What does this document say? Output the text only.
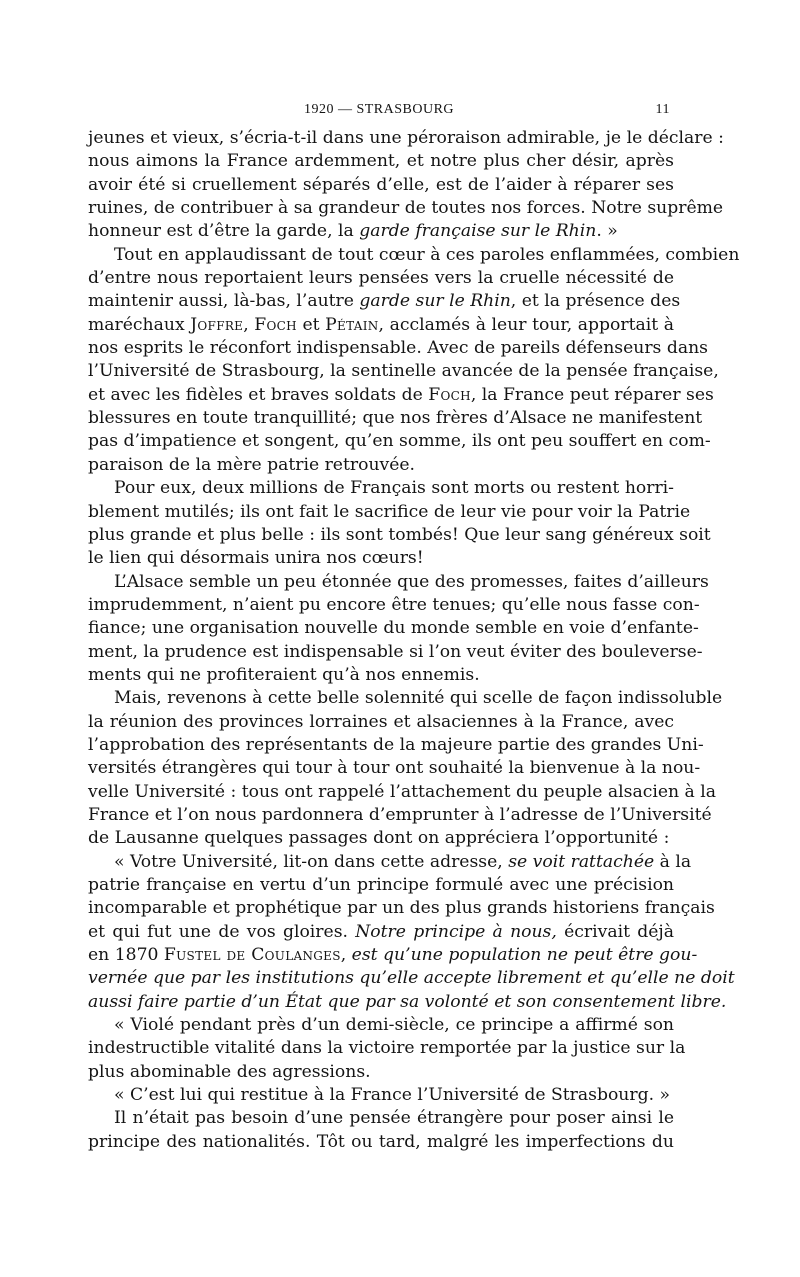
1920 — STRASBOURG	11
jeunes et vieux, s’écria-t-il dans une péroraison admirable, je le déclare :
nous aimons la France ardemment, et notre plus cher désir, après
avoir été si cruellement séparés d’elle, est de l’aider à réparer ses
ruines, de contribuer à sa grandeur de toutes nos forces. Notre suprême
honneur est d’être la garde, la garde française sur le Rhin. »
Tout en applaudissant de tout cœur à ces paroles enflammées, combien
d’entre nous reportaient leurs pensées vers la cruelle nécessité de
maintenir aussi, là-bas, l’autre garde sur le Rhin, et la présence des
maréchaux Joffre, Foch et Pétain, acclamés à leur tour, apportait à
nos esprits le réconfort indispensable. Avec de pareils défenseurs dans
l’Université de Strasbourg, la sentinelle avancée de la pensée française,
et avec les fidèles et braves soldats de Foch, la France peut réparer ses
blessures en toute tranquillité; que nos frères d’Alsace ne manifestent
pas d’impatience et songent, qu’en somme, ils ont peu souffert en com-
paraison de la mère patrie retrouvée.
Pour eux, deux millions de Français sont morts ou restent horri-
blement mutilés; ils ont fait le sacrifice de leur vie pour voir la Patrie
plus grande et plus belle : ils sont tombés! Que leur sang généreux soit
le lien qui désormais unira nos cœurs!
L’Alsace semble un peu étonnée que des promesses, faites d’ailleurs
imprudemment, n’aient pu encore être tenues; qu’elle nous fasse con-
fiance; une organisation nouvelle du monde semble en voie d’enfante-
ment, la prudence est indispensable si l’on veut éviter des bouleverse-
ments qui ne profiteraient qu’à nos ennemis.
Mais, revenons à cette belle solennité qui scelle de façon indissoluble
la réunion des provinces lorraines et alsaciennes à la France, avec
l’approbation des représentants de la majeure partie des grandes Uni-
versités étrangères qui tour à tour ont souhaité la bienvenue à la nou-
velle Université : tous ont rappelé l’attachement du peuple alsacien à la
France et l’on nous pardonnera d’emprunter à l’adresse de l’Université
de Lausanne quelques passages dont on appréciera l’opportunité :
« Votre Université, lit-on dans cette adresse, se voit rattachée à la
patrie française en vertu d’un principe formulé avec une précision
incomparable et prophétique par un des plus grands historiens français
et qui fut une de vos gloires. Notre principe à nous, écrivait déjà
en 1870 Fustel de Coulanges, est qu’une population ne peut être gou-
vernée que par les institutions qu’elle accepte librement et qu’elle ne doit
aussi faire partie d’un État que par sa volonté et son consentement libre.
« Violé pendant près d’un demi-siècle, ce principe a affirmé son
indestructible vitalité dans la victoire remportée par la justice sur la
plus abominable des agressions.
« C’est lui qui restitue à la France l’Université de Strasbourg. »
Il n’était pas besoin d’une pensée étrangère pour poser ainsi le
principe des nationalités. Tôt ou tard, malgré les imperfections du
